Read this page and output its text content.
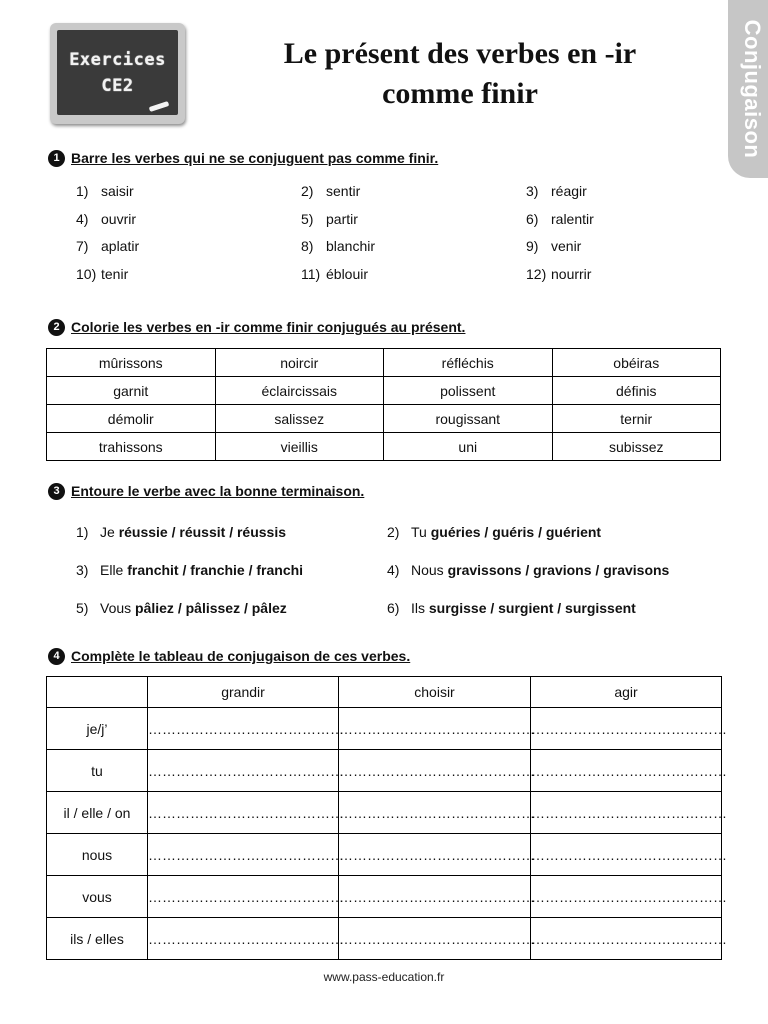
Exercices
CE2
Le présent des verbes en -ir
comme finir	Conjugaison
1 Barre les verbes qui ne se conjuguent pas comme finir.
1) saisir	2) sentir	3) réagir
4) ouvrir	5) partir	6) ralentir
7) aplatir	8) blanchir	9) venir
10) tenir	11) éblouir	12) nourrir
2 Colorie les verbes en -ir comme finir conjugués au présent.
mûrissons	noircir	réfléchis	obéiras
garnit	éclaircissais	polissent	définis
démolir	salissez	rougissant	ternir
trahissons	vieillis	uni	subissez
3 Entoure le verbe avec la bonne terminaison.
1) Je réussie / réussit / réussis	2) Tu guéries / guéris / guérient
3) Elle franchit / franchie / franchi	4) Nous gravissons / gravions / gravisons
5) Vous pâliez / pâlissez / pâlez	6) Ils surgisse / surgient / surgissent
4 Complète le tableau de conjugaison de ces verbes.
	grandir	choisir	agir
je/j’	……………………………………	……………………………………	……………………………………
tu	……………………………………	……………………………………	……………………………………
il / elle / on	……………………………………	……………………………………	……………………………………
nous	……………………………………	……………………………………	……………………………………
vous	……………………………………	……………………………………	……………………………………
ils / elles	……………………………………	……………………………………	……………………………………
www.pass-education.fr
